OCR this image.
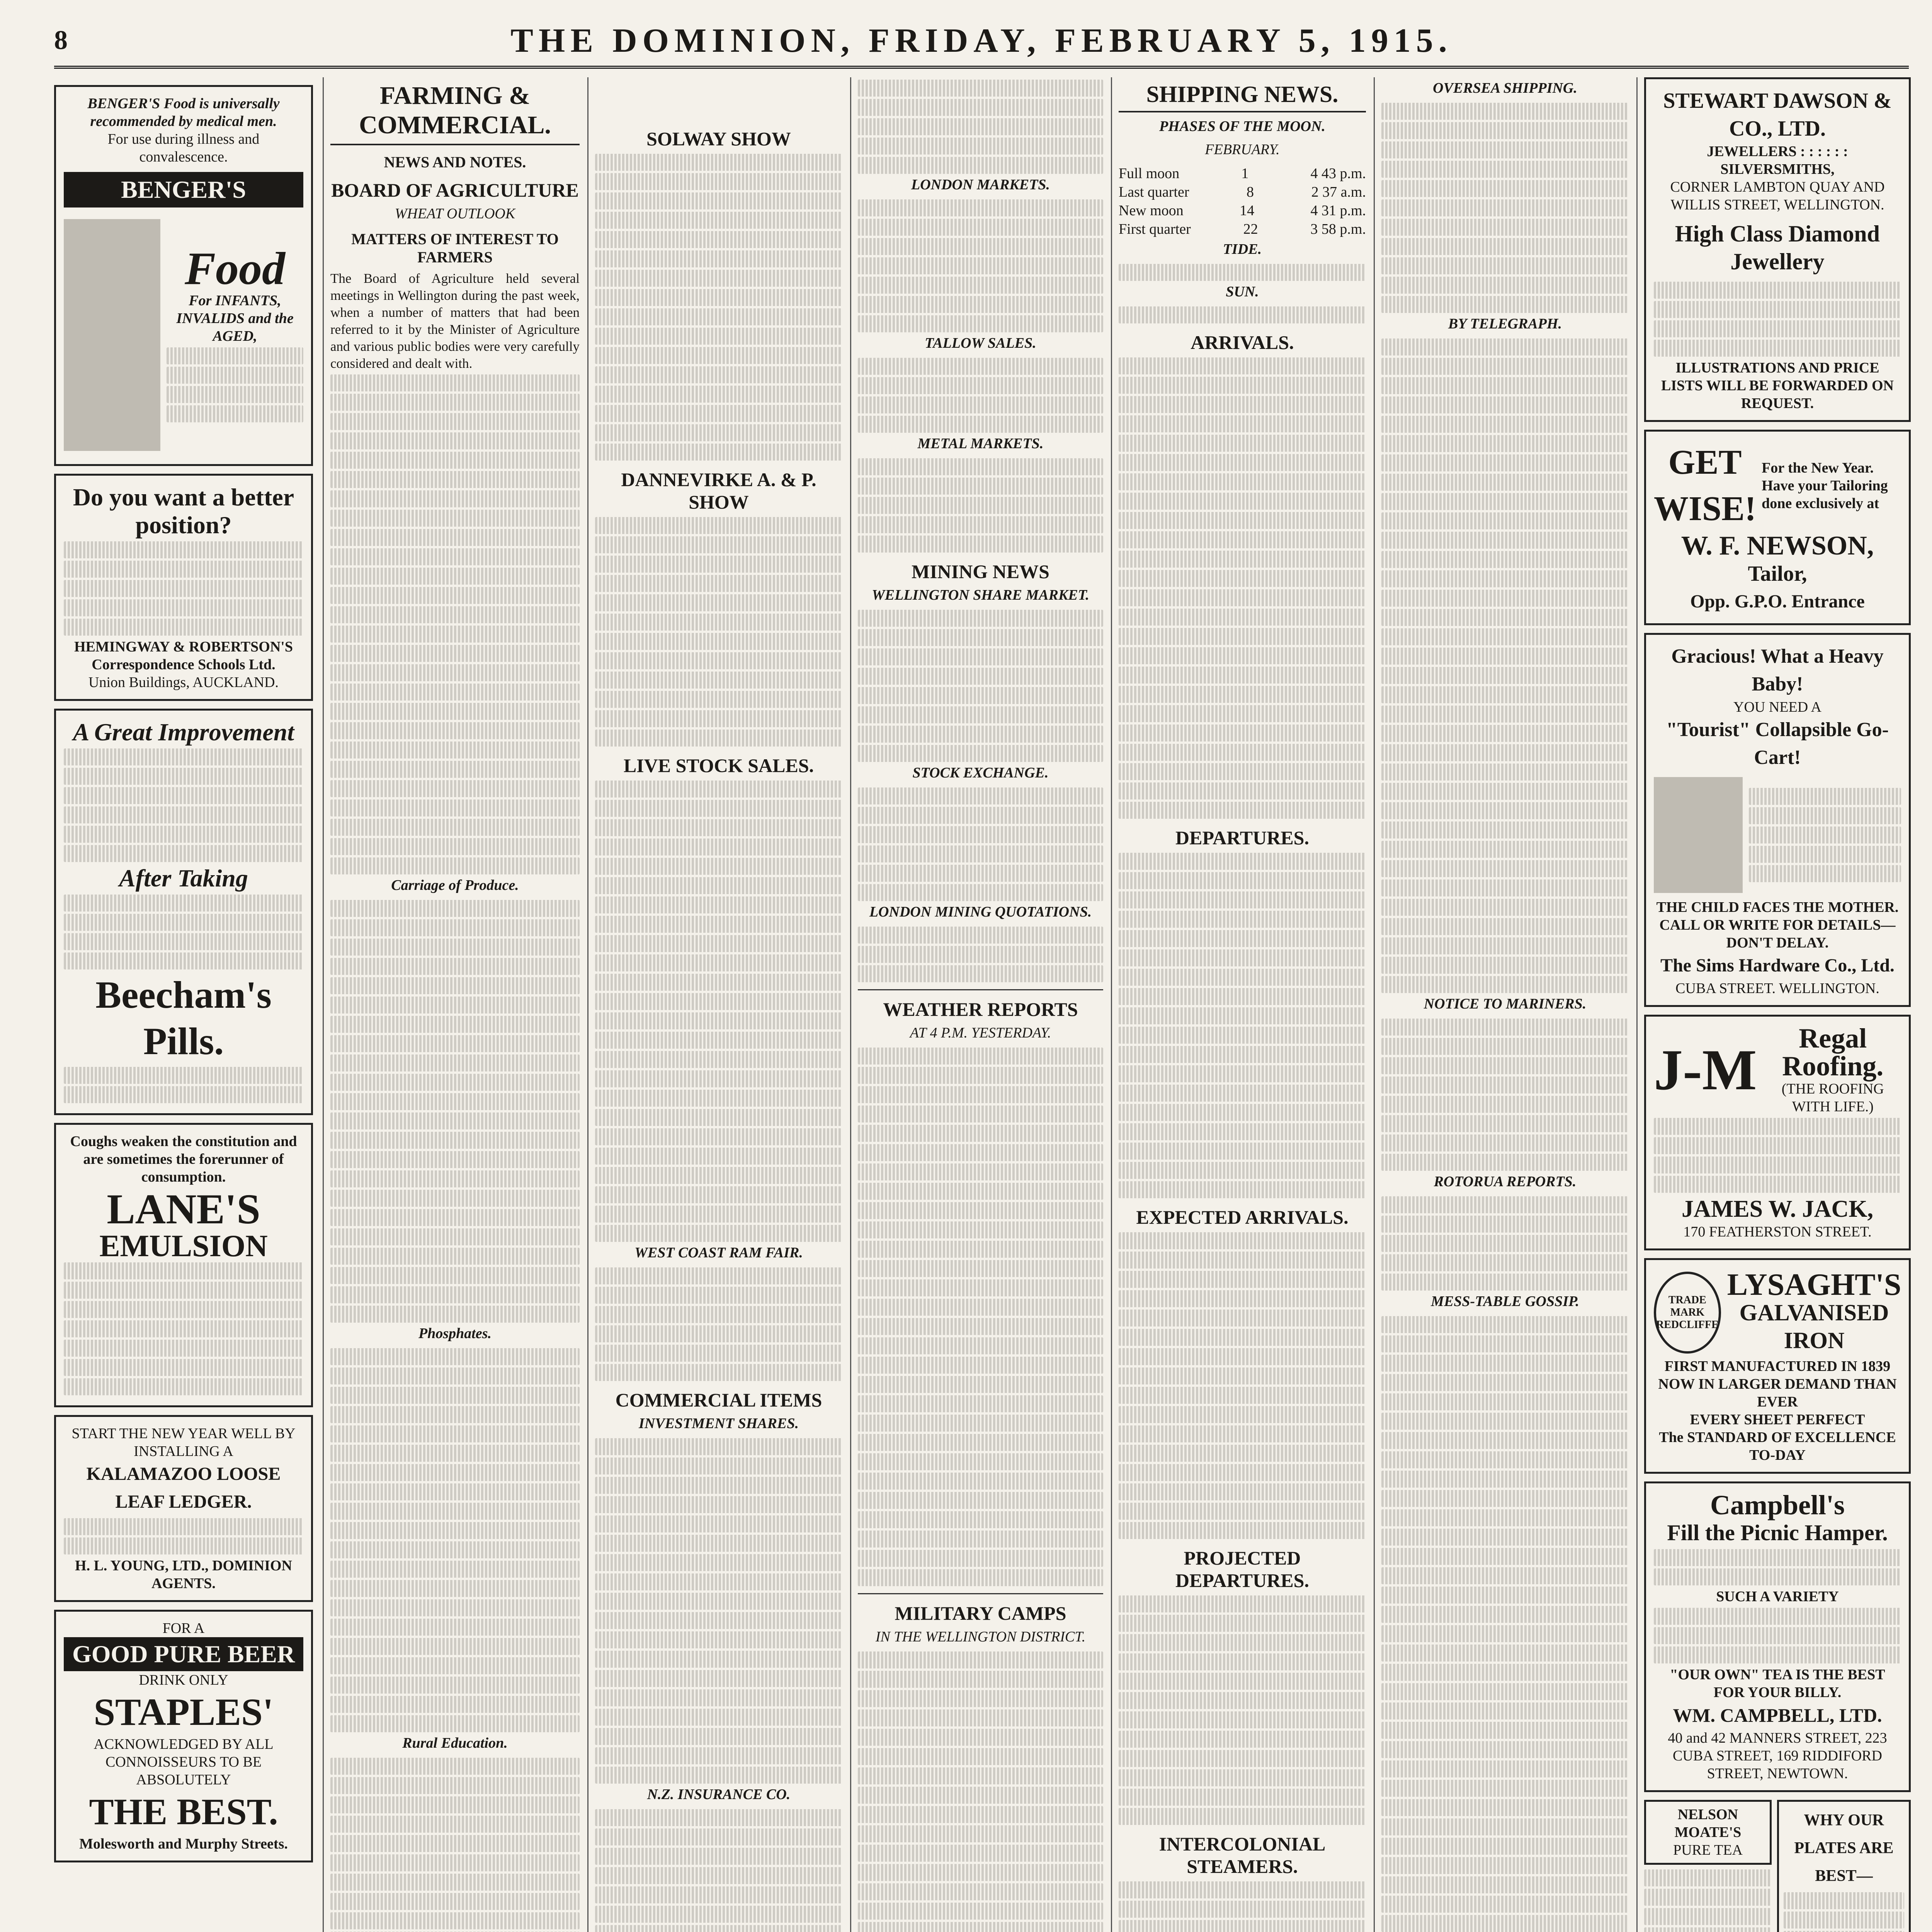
8	THE DOMINION, FRIDAY, FEBRUARY 5, 1915.
BENGER'S Food is universally recommended by medical men.
For use during illness and convalescence.
BENGER'S
Food
For INFANTS, INVALIDS and the AGED,
Do you want a better position?
HEMINGWAY & ROBERTSON'S Correspondence Schools Ltd.
Union Buildings, AUCKLAND.
A Great Improvement
After Taking
Beecham's Pills.
Coughs weaken the constitution and are sometimes the forerunner of consumption.
LANE'S
EMULSION
START THE NEW YEAR WELL BY INSTALLING A
KALAMAZOO LOOSE LEAF LEDGER.
H. L. YOUNG, LTD., DOMINION AGENTS.
FOR A
GOOD PURE BEER
DRINK ONLY
STAPLES'
ACKNOWLEDGED BY ALL CONNOISSEURS TO BE ABSOLUTELY
THE BEST.
Molesworth and Murphy Streets.
FARMING & COMMERCIAL.
NEWS AND NOTES.
BOARD OF AGRICULTURE
WHEAT OUTLOOK
MATTERS OF INTEREST TO FARMERS
The Board of Agriculture held several meetings in Wellington during the past week, when a number of matters that had been referred to it by the Minister of Agriculture and various public bodies were very carefully considered and dealt with.
Carriage of Produce.
Phosphates.
Rural Education.
SOLWAY SHOW
DANNEVIRKE A. & P. SHOW
LIVE STOCK SALES.
WEST COAST RAM FAIR.
COMMERCIAL ITEMS
INVESTMENT SHARES.
N.Z. INSURANCE CO.
LONDON MARKETS.
TALLOW SALES.
METAL MARKETS.
MINING NEWS
WELLINGTON SHARE MARKET.
STOCK EXCHANGE.
LONDON MINING QUOTATIONS.
WEATHER REPORTS
AT 4 P.M. YESTERDAY.
MILITARY CAMPS
IN THE WELLINGTON DISTRICT.
SHIPPING NEWS.
PHASES OF THE MOON.
FEBRUARY.
Full moon	1	4 43 p.m.
Last quarter	8	2 37 a.m.
New moon	14	4 31 p.m.
First quarter	22	3 58 p.m.
TIDE.
SUN.
ARRIVALS.
DEPARTURES.
EXPECTED ARRIVALS.
PROJECTED DEPARTURES.
INTERCOLONIAL STEAMERS.
OVERSEA SHIPPING.
BY TELEGRAPH.
NOTICE TO MARINERS.
ROTORUA REPORTS.
MESS-TABLE GOSSIP.
STEWART DAWSON & CO., LTD.
JEWELLERS : : : : : : SILVERSMITHS,
CORNER LAMBTON QUAY AND WILLIS STREET, WELLINGTON.
High Class Diamond Jewellery
ILLUSTRATIONS AND PRICE LISTS WILL BE FORWARDED ON REQUEST.
GET WISE!
For the New Year. Have your Tailoring done exclusively at
W. F. NEWSON,
Tailor,
Opp. G.P.O. Entrance
Gracious! What a Heavy Baby!
YOU NEED A
"Tourist" Collapsible Go-Cart!
THE CHILD FACES THE MOTHER.
CALL OR WRITE FOR DETAILS—DON'T DELAY.
The Sims Hardware Co., Ltd.
CUBA STREET. WELLINGTON.
J-M	Regal Roofing.
(THE ROOFING WITH LIFE.)
JAMES W. JACK,
170 FEATHERSTON STREET.
TRADE MARK
REDCLIFFE
LYSAGHT'S
GALVANISED
IRON
FIRST MANUFACTURED IN 1839
NOW IN LARGER DEMAND THAN EVER
EVERY SHEET PERFECT
The STANDARD OF EXCELLENCE TO-DAY
Campbell's
Fill the Picnic Hamper.
SUCH A VARIETY
"OUR OWN" TEA IS THE BEST FOR YOUR BILLY.
WM. CAMPBELL, LTD.
40 and 42 MANNERS STREET, 223 CUBA STREET, 169 RIDDIFORD STREET, NEWTOWN.
NELSON MOATE'S
PURE TEA
WHY OUR PLATES ARE BEST—
